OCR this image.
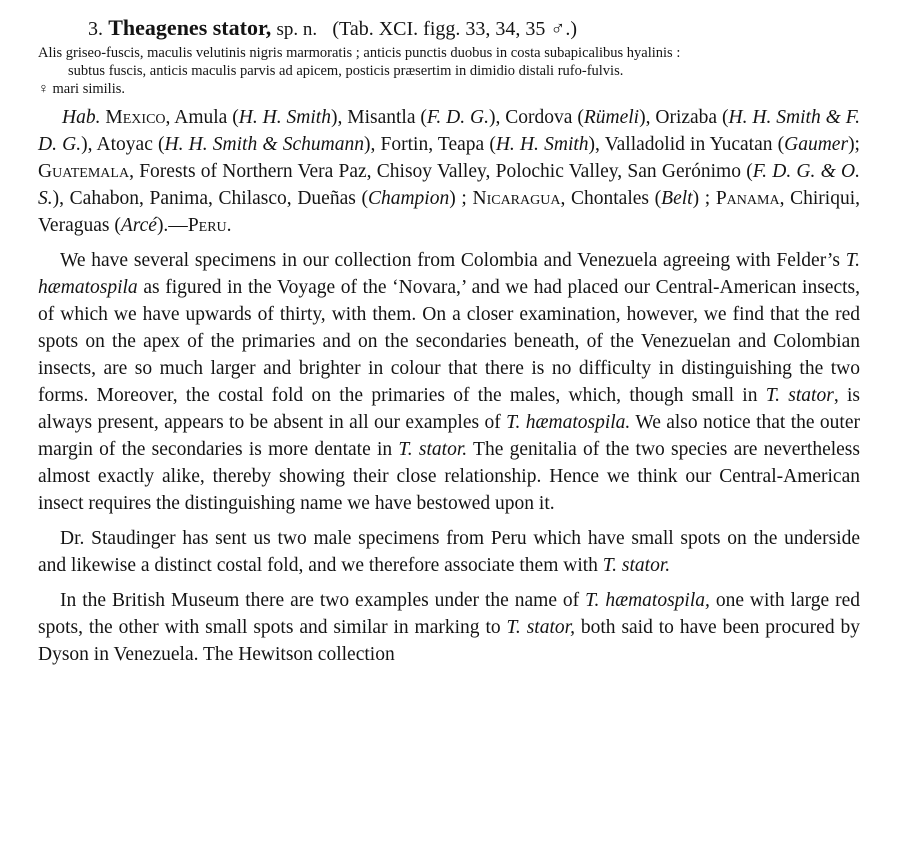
3. Theagenes stator, sp. n. (Tab. XCI. figg. 33, 34, 35 ♂.)
Alis griseo-fuscis, maculis velutinis nigris marmoratis ; anticis punctis duobus in costa subapicalibus hyalinis :
subtus fuscis, anticis maculis parvis ad apicem, posticis præsertim in dimidio distali rufo-fulvis.
♀ mari similis.
Hab. Mexico, Amula (H. H. Smith), Misantla (F. D. G.), Cordova (Rümeli), Orizaba (H. H. Smith & F. D. G.), Atoyac (H. H. Smith & Schumann), Fortin, Teapa (H. H. Smith), Valladolid in Yucatan (Gaumer); Guatemala, Forests of Northern Vera Paz, Chisoy Valley, Polochic Valley, San Gerónimo (F. D. G. & O. S.), Cahabon, Panima, Chilasco, Dueñas (Champion) ; Nicaragua, Chontales (Belt) ; Panama, Chiriqui, Veraguas (Arcé).—Peru.
We have several specimens in our collection from Colombia and Venezuela agreeing with Felder’s T. hæmatospila as figured in the Voyage of the ‘Novara,’ and we had placed our Central-American insects, of which we have upwards of thirty, with them. On a closer examination, however, we find that the red spots on the apex of the primaries and on the secondaries beneath, of the Venezuelan and Colombian insects, are so much larger and brighter in colour that there is no difficulty in distinguishing the two forms. Moreover, the costal fold on the primaries of the males, which, though small in T. stator, is always present, appears to be absent in all our examples of T. hæmatospila. We also notice that the outer margin of the secondaries is more dentate in T. stator. The genitalia of the two species are nevertheless almost exactly alike, thereby showing their close relationship. Hence we think our Central-American insect requires the distinguishing name we have bestowed upon it.
Dr. Staudinger has sent us two male specimens from Peru which have small spots on the underside and likewise a distinct costal fold, and we therefore associate them with T. stator.
In the British Museum there are two examples under the name of T. hæmatospila, one with large red spots, the other with small spots and similar in marking to T. stator, both said to have been procured by Dyson in Venezuela. The Hewitson collection
